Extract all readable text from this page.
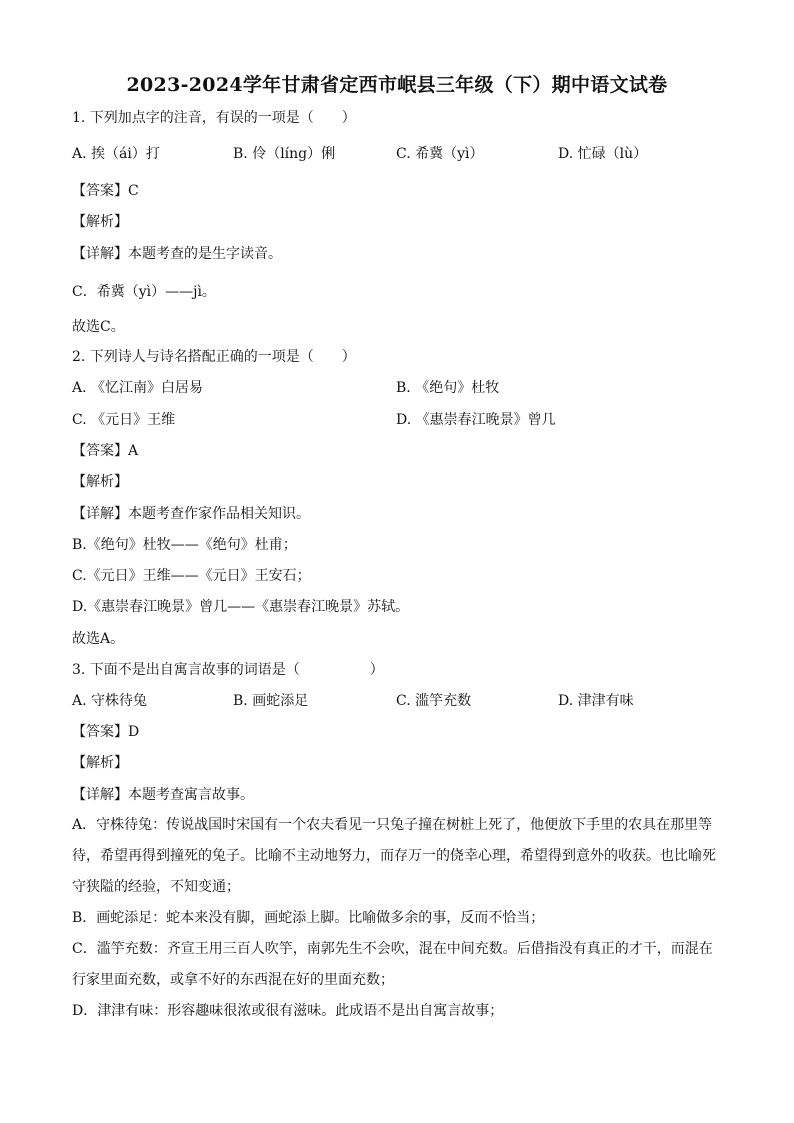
2023-2024学年甘肃省定西市岷县三年级（下）期中语文试卷
1. 下列加点字的注音，有误的一项是（　　）
A. 挨（ái）打	B. 伶（líng）俐	C. 希冀（yì）	D. 忙碌（lù）
【答案】C
【解析】
【详解】本题考查的是生字读音。
C．希冀（yì）——jì。
故选C。
2. 下列诗人与诗名搭配正确的一项是（　　）
A. 《忆江南》白居易	B. 《绝句》杜牧
C. 《元日》王维	D. 《惠崇春江晚景》曾几
【答案】A
【解析】
【详解】本题考查作家作品相关知识。
B.《绝句》杜牧——《绝句》杜甫；
C.《元日》王维——《元日》王安石；
D.《惠崇春江晚景》曾几——《惠崇春江晚景》苏轼。
故选A。
3. 下面不是出自寓言故事的词语是（　　　　　）
A. 守株待兔	B. 画蛇添足	C. 滥竽充数	D. 津津有味
【答案】D
【解析】
【详解】本题考查寓言故事。
A．守株待兔：传说战国时宋国有一个农夫看见一只兔子撞在树桩上死了，他便放下手里的农具在那里等待，希望再得到撞死的兔子。比喻不主动地努力，而存万一的侥幸心理，希望得到意外的收获。也比喻死守狭隘的经验，不知变通；
B．画蛇添足：蛇本来没有脚，画蛇添上脚。比喻做多余的事，反而不恰当；
C．滥竽充数：齐宣王用三百人吹竽，南郭先生不会吹，混在中间充数。后借指没有真正的才干，而混在行家里面充数，或拿不好的东西混在好的里面充数；
D．津津有味：形容趣味很浓或很有滋味。此成语不是出自寓言故事；
